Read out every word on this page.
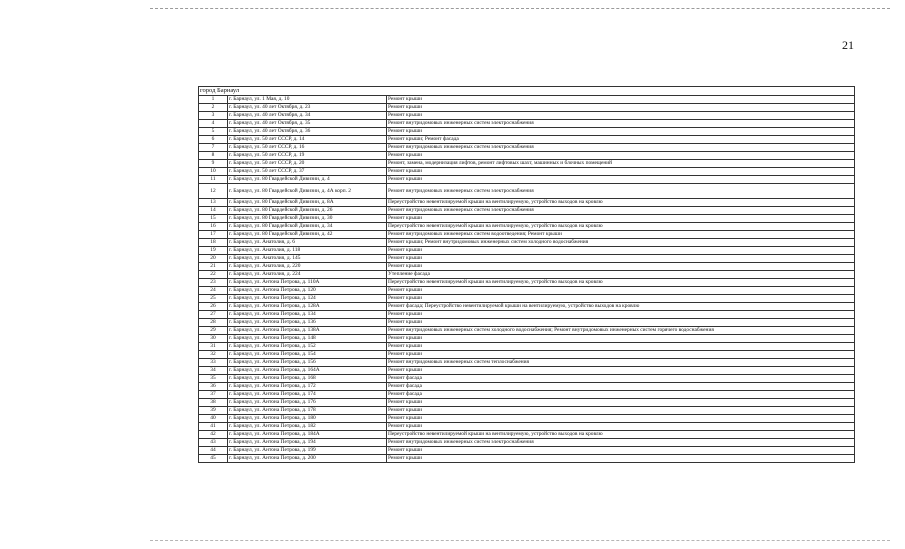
21
город Барнаул
1	г. Барнаул, ул. 1 Мая, д. 10	Ремонт крыши
2	г. Барнаул, ул. 40 лет Октября, д. 23	Ремонт крыши
3	г. Барнаул, ул. 40 лет Октября, д. 34	Ремонт крыши
4	г. Барнаул, ул. 40 лет Октября, д. 35	Ремонт внутридомовых инженерных систем электроснабжения
5	г. Барнаул, ул. 40 лет Октября, д. 36	Ремонт крыши
6	г. Барнаул, ул. 50 лет СССР, д. 14	Ремонт крыши; Ремонт фасада
7	г. Барнаул, ул. 50 лет СССР, д. 16	Ремонт внутридомовых инженерных систем электроснабжения
8	г. Барнаул, ул. 50 лет СССР, д. 19	Ремонт крыши
9	г. Барнаул, ул. 50 лет СССР, д. 20	Ремонт, замена, модернизация лифтов, ремонт лифтовых шахт, машинных и блочных помещений
10	г. Барнаул, ул. 50 лет СССР, д. 37	Ремонт крыши
11	г. Барнаул, ул. 80 Гвардейской Дивизии, д. 4	Ремонт крыши
12	г. Барнаул, ул. 80 Гвардейской Дивизии, д. 4А корп. 2	Ремонт внутридомовых инженерных систем электроснабжения
13	г. Барнаул, ул. 80 Гвардейской Дивизии, д. 8А	Переустройство невентилируемой крыши на вентилируемую, устройство выходов на кровлю
14	г. Барнаул, ул. 80 Гвардейской Дивизии, д. 26	Ремонт внутридомовых инженерных систем электроснабжения
15	г. Барнаул, ул. 80 Гвардейской Дивизии, д. 30	Ремонт крыши
16	г. Барнаул, ул. 80 Гвардейской Дивизии, д. 34	Переустройство невентилируемой крыши на вентилируемую, устройство выходов на кровлю
17	г. Барнаул, ул. 80 Гвардейской Дивизии, д. 42	Ремонт внутридомовых инженерных систем водоотведения; Ремонт крыши
18	г. Барнаул, ул. Анатолия, д. 6	Ремонт крыши; Ремонт внутридомовых инженерных систем холодного водоснабжения
19	г. Барнаул, ул. Анатолия, д. 118	Ремонт крыши
20	г. Барнаул, ул. Анатолия, д. 145	Ремонт крыши
21	г. Барнаул, ул. Анатолия, д. 220	Ремонт крыши
22	г. Барнаул, ул. Анатолия, д. 224	Утепление фасада
23	г. Барнаул, ул. Антона Петрова, д. 110А	Переустройство невентилируемой крыши на вентилируемую, устройство выходов на кровлю
24	г. Барнаул, ул. Антона Петрова, д. 120	Ремонт крыши
25	г. Барнаул, ул. Антона Петрова, д. 124	Ремонт крыши
26	г. Барнаул, ул. Антона Петрова, д. 128А	Ремонт фасада; Переустройство невентилируемой крыши на вентилируемую, устройство выходов на кровлю
27	г. Барнаул, ул. Антона Петрова, д. 134	Ремонт крыши
28	г. Барнаул, ул. Антона Петрова, д. 136	Ремонт крыши
29	г. Барнаул, ул. Антона Петрова, д. 138А	Ремонт внутридомовых инженерных систем холодного водоснабжения; Ремонт внутридомовых инженерных систем горячего водоснабжения
30	г. Барнаул, ул. Антона Петрова, д. 148	Ремонт крыши
31	г. Барнаул, ул. Антона Петрова, д. 152	Ремонт крыши
32	г. Барнаул, ул. Антона Петрова, д. 154	Ремонт крыши
33	г. Барнаул, ул. Антона Петрова, д. 156	Ремонт внутридомовых инженерных систем теплоснабжения
34	г. Барнаул, ул. Антона Петрова, д. 164А	Ремонт крыши
35	г. Барнаул, ул. Антона Петрова, д. 168	Ремонт фасада
36	г. Барнаул, ул. Антона Петрова, д. 172	Ремонт фасада
37	г. Барнаул, ул. Антона Петрова, д. 174	Ремонт фасада
38	г. Барнаул, ул. Антона Петрова, д. 176	Ремонт крыши
39	г. Барнаул, ул. Антона Петрова, д. 178	Ремонт крыши
40	г. Барнаул, ул. Антона Петрова, д. 180	Ремонт крыши
41	г. Барнаул, ул. Антона Петрова, д. 182	Ремонт крыши
42	г. Барнаул, ул. Антона Петрова, д. 184А	Переустройство невентилируемой крыши на вентилируемую, устройство выходов на кровлю
43	г. Барнаул, ул. Антона Петрова, д. 194	Ремонт внутридомовых инженерных систем электроснабжения
44	г. Барнаул, ул. Антона Петрова, д. 199	Ремонт крыши
45	г. Барнаул, ул. Антона Петрова, д. 200	Ремонт крыши
